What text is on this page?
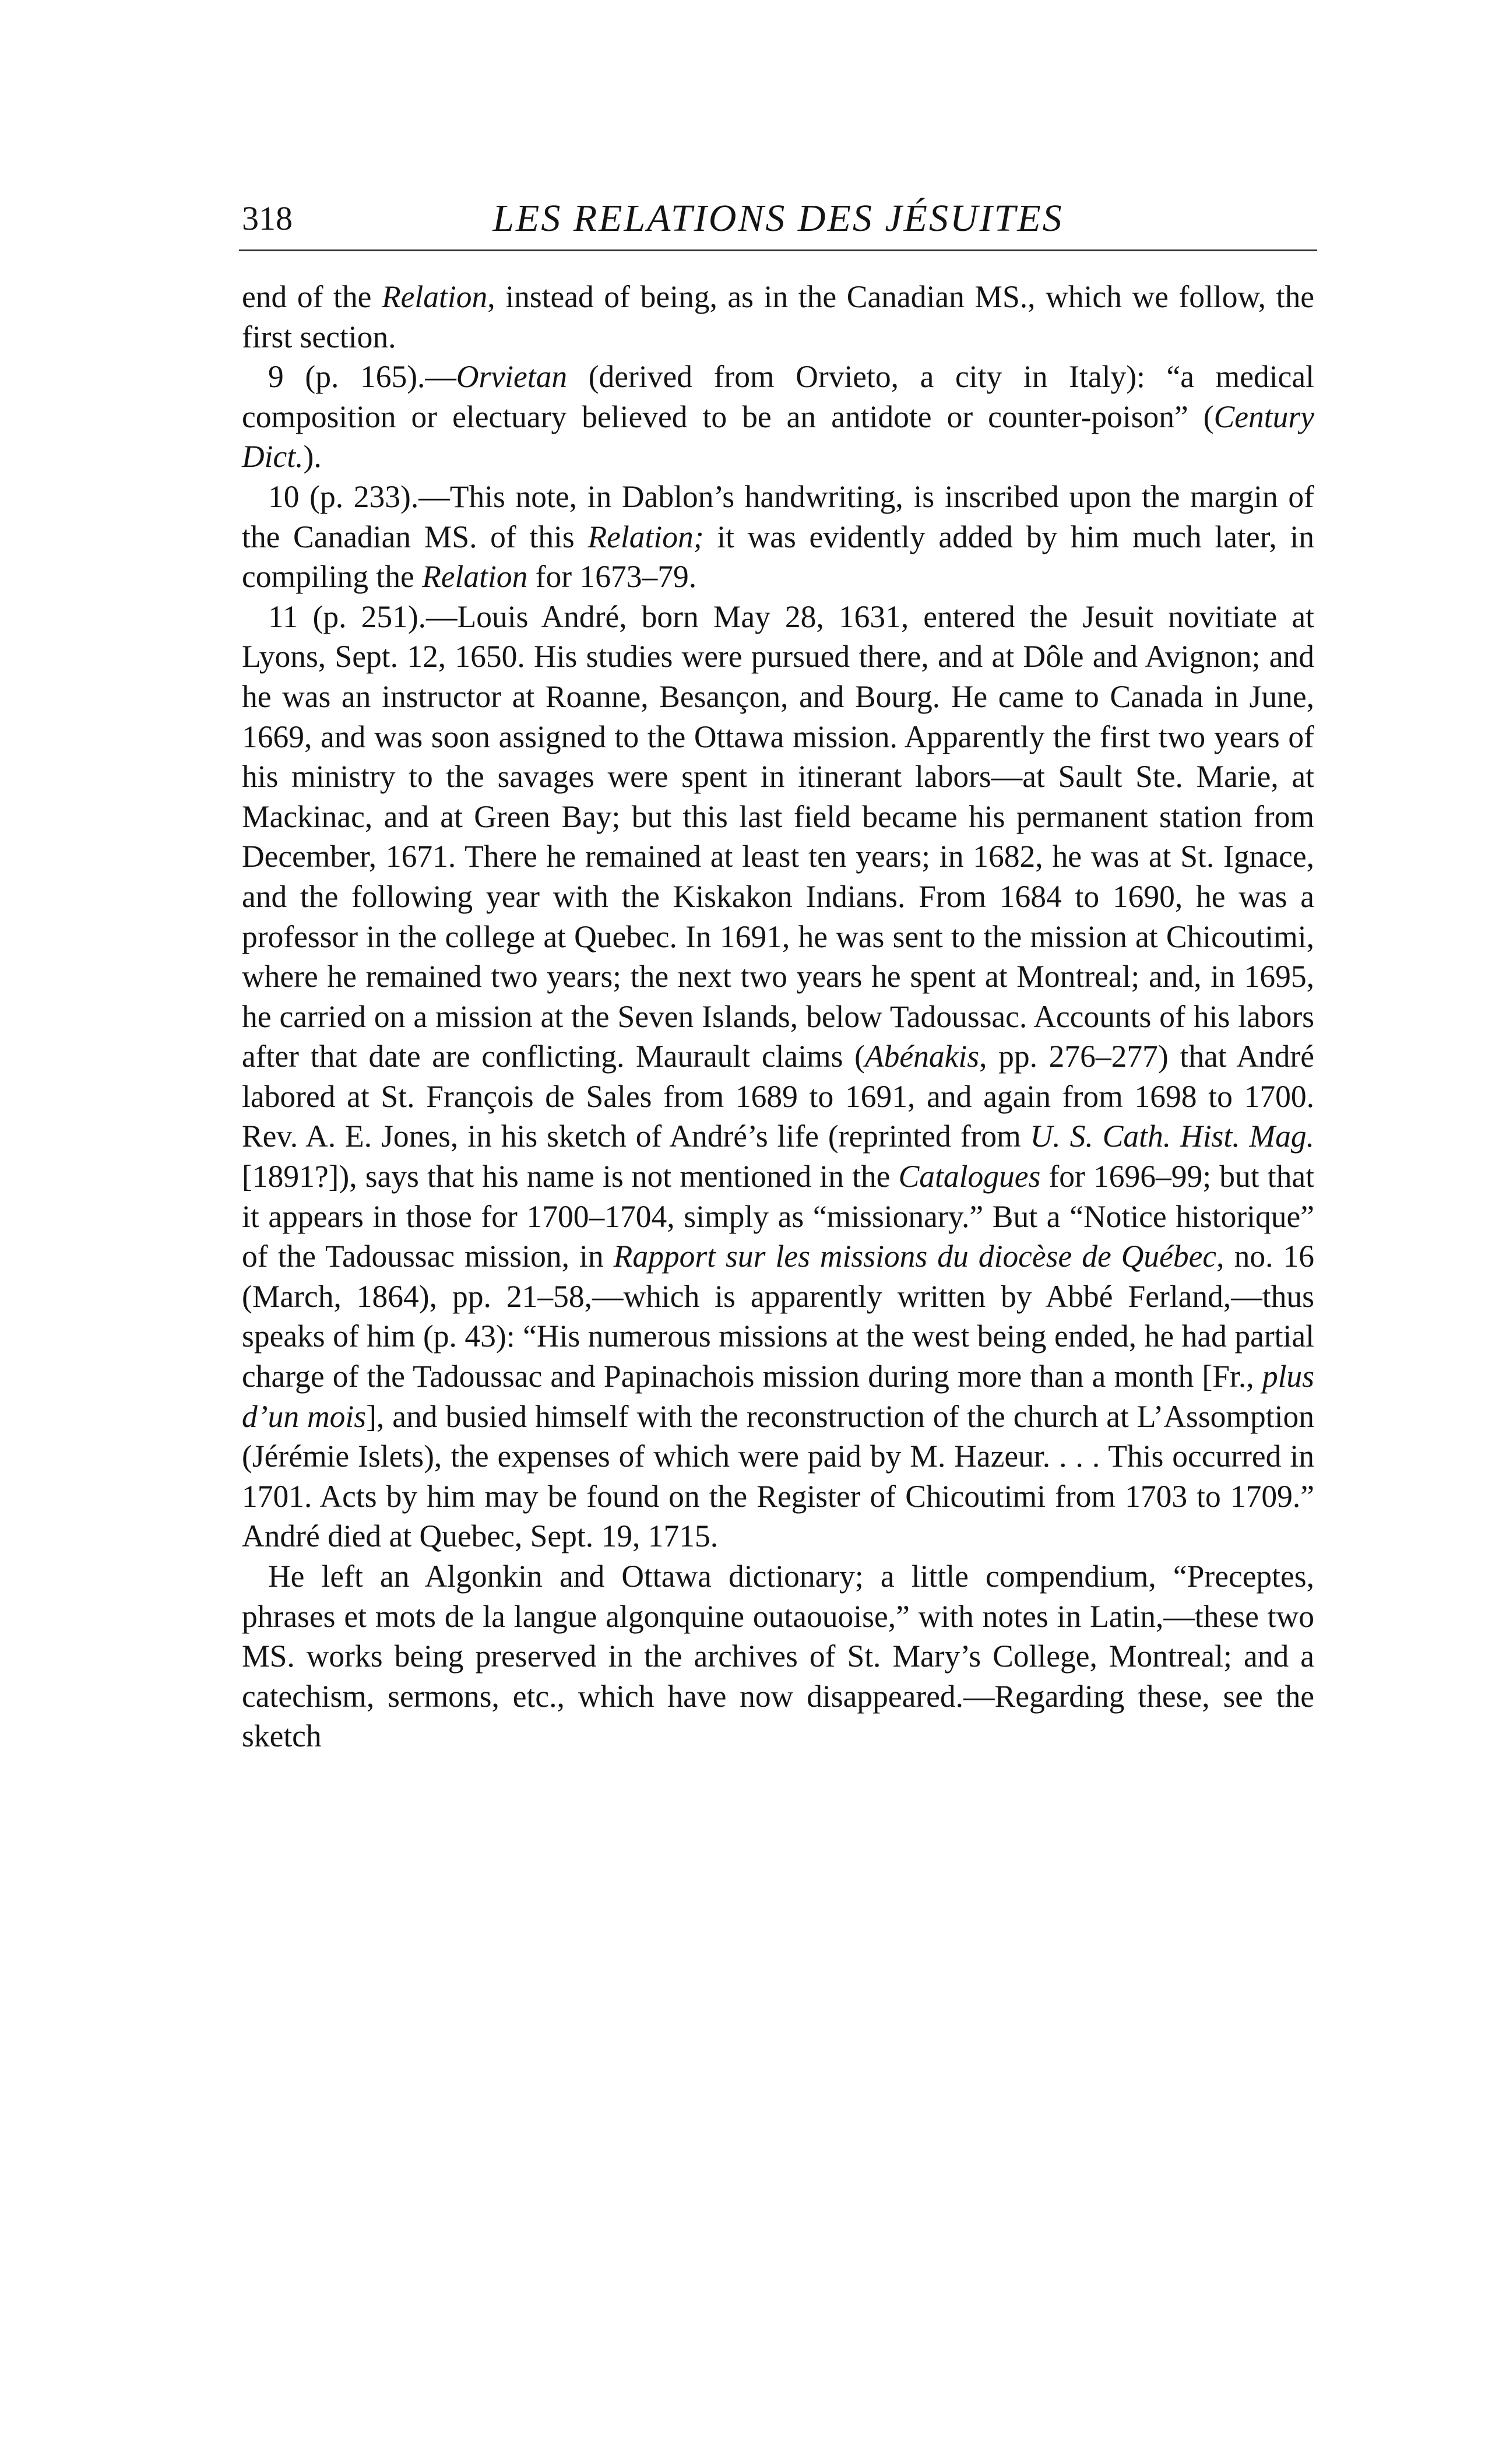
LES RELATIONS DES JÉSUITES
318

end of the Relation, instead of being, as in the Canadian MS., which we follow, the first section.

9 (p. 165).—Orvietan (derived from Orvieto, a city in Italy): “a medical composition or electuary believed to be an antidote or counter-poison” (Century Dict.).

10 (p. 233).—This note, in Dablon’s handwriting, is inscribed upon the margin of the Canadian MS. of this Relation; it was evidently added by him much later, in compiling the Relation for 1673–79.

11 (p. 251).—Louis André, born May 28, 1631, entered the Jesuit novitiate at Lyons, Sept. 12, 1650. His studies were pursued there, and at Dôle and Avignon; and he was an instructor at Roanne, Besançon, and Bourg. He came to Canada in June, 1669, and was soon assigned to the Ottawa mission. Apparently the first two years of his ministry to the savages were spent in itinerant labors—at Sault Ste. Marie, at Mackinac, and at Green Bay; but this last field became his permanent station from December, 1671. There he remained at least ten years; in 1682, he was at St. Ignace, and the following year with the Kiskakon Indians. From 1684 to 1690, he was a professor in the college at Quebec. In 1691, he was sent to the mission at Chicoutimi, where he remained two years; the next two years he spent at Montreal; and, in 1695, he carried on a mission at the Seven Islands, below Tadoussac. Accounts of his labors after that date are conflicting. Maurault claims (Abénakis, pp. 276–277) that André labored at St. François de Sales from 1689 to 1691, and again from 1698 to 1700. Rev. A. E. Jones, in his sketch of André’s life (reprinted from U. S. Cath. Hist. Mag. [1891?]), says that his name is not mentioned in the Catalogues for 1696–99; but that it appears in those for 1700–1704, simply as “missionary.” But a “Notice historique” of the Tadoussac mission, in Rapport sur les missions du diocèse de Québec, no. 16 (March, 1864), pp. 21–58,—which is apparently written by Abbé Ferland,—thus speaks of him (p. 43): “His numerous missions at the west being ended, he had partial charge of the Tadoussac and Papinachois mission during more than a month [Fr., plus d’un mois], and busied himself with the reconstruction of the church at L’Assomption (Jérémie Islets), the expenses of which were paid by M. Hazeur. . . . This occurred in 1701. Acts by him may be found on the Register of Chicoutimi from 1703 to 1709.” André died at Quebec, Sept. 19, 1715.

He left an Algonkin and Ottawa dictionary; a little compendium, “Preceptes, phrases et mots de la langue algonquine outaouoise,” with notes in Latin,—these two MS. works being preserved in the archives of St. Mary’s College, Montreal; and a catechism, sermons, etc., which have now disappeared.—Regarding these, see the sketch
